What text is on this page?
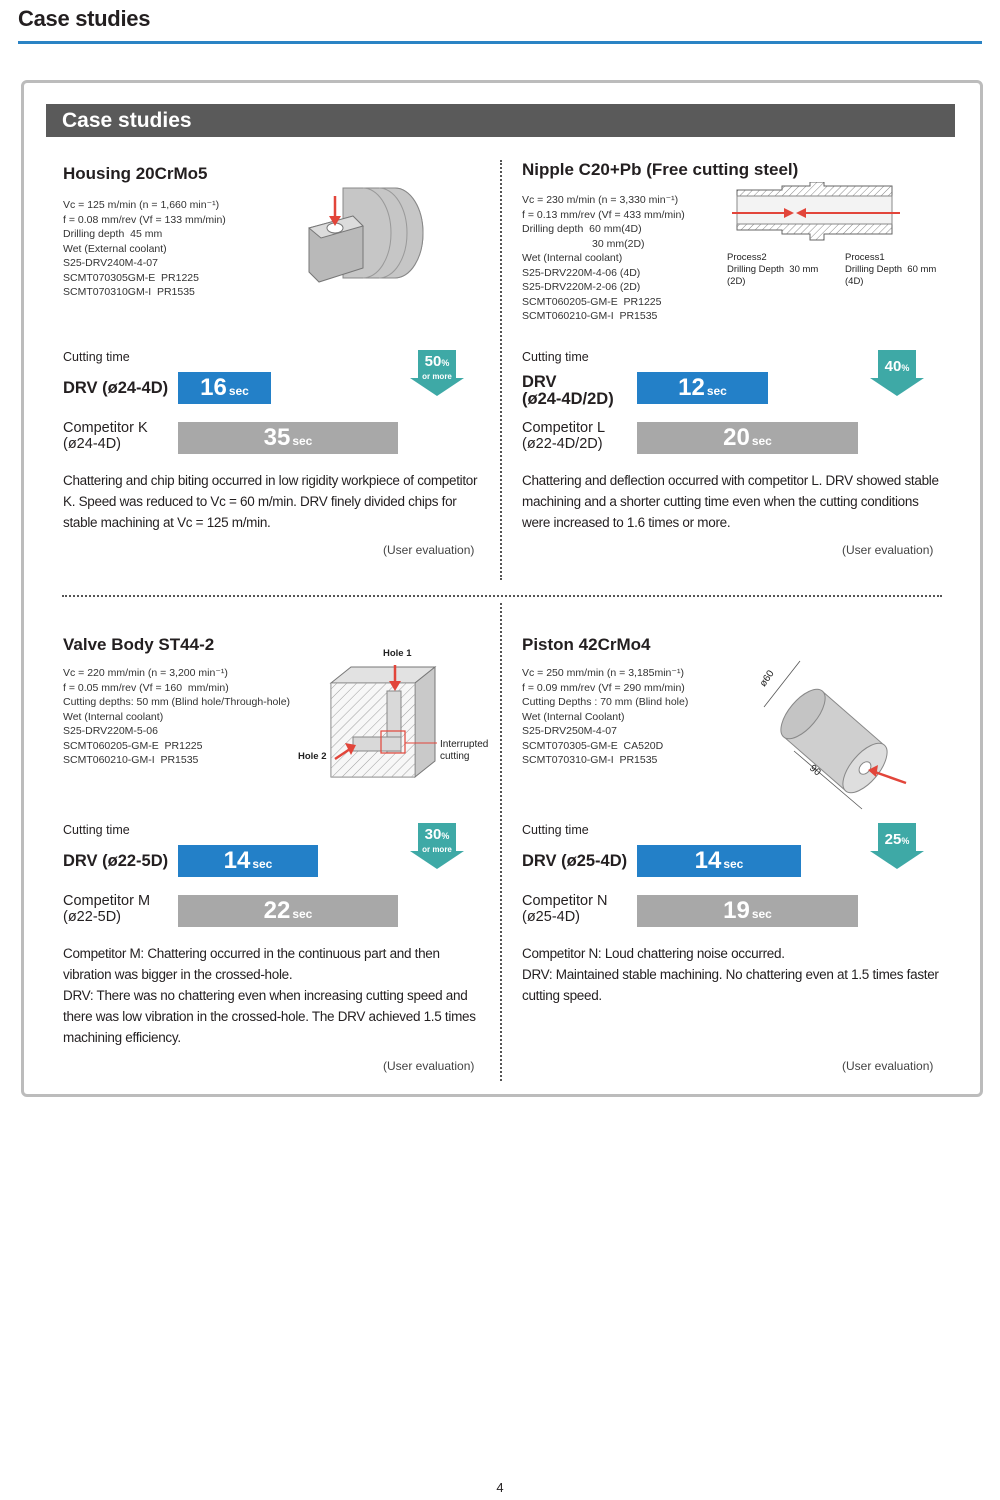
Case studies
Case studies
Housing 20CrMo5
Vc = 125 m/min (n = 1,660 min⁻¹)
f = 0.08 mm/rev (Vf = 133 mm/min)
Drilling depth  45 mm
Wet (External coolant)
S25-DRV240M-4-07
SCMT070305GM-E  PR1225
SCMT070310GM-I  PR1535
Cutting time
DRV (ø24-4D)	16 sec
Competitor K
(ø24-4D)	35 sec
50%
or more
Chattering and chip biting occurred in low rigidity workpiece of competitor K. Speed was reduced to Vc = 60 m/min. DRV finely divided chips for stable machining at Vc = 125 m/min.
(User evaluation)
Nipple C20+Pb (Free cutting steel)
Vc = 230 m/min (n = 3,330 min⁻¹)
f = 0.13 mm/rev (Vf = 433 mm/min)
Drilling depth  60 mm(4D)
30 mm(2D)
Wet (Internal coolant)
S25-DRV220M-4-06 (4D)
S25-DRV220M-2-06 (2D)
SCMT060205-GM-E  PR1225
SCMT060210-GM-I  PR1535
Process2
Drilling Depth  30 mm
(2D)
Process1
Drilling Depth  60 mm
(4D)
Cutting time
DRV
(ø24-4D/2D)	12 sec
Competitor L
(ø22-4D/2D)	20 sec
40%
Chattering and deflection occurred with competitor L. DRV showed stable machining and a shorter cutting time even when the cutting conditions were increased to 1.6 times or more.
(User evaluation)
Valve Body ST44-2
Vc = 220 mm/min (n = 3,200 min⁻¹)
f = 0.05 mm/rev (Vf = 160  mm/min)
Cutting depths: 50 mm (Blind hole/Through-hole)
Wet (Internal coolant)
S25-DRV220M-5-06
SCMT060205-GM-E  PR1225
SCMT060210-GM-I  PR1535
Hole 1
Hole 2
Interrupted
cutting
Cutting time
DRV (ø22-5D)	14 sec
Competitor M
(ø22-5D)	22 sec
30%
or more
Competitor M: Chattering occurred in the continuous part and then vibration was bigger in the crossed-hole.
DRV: There was no chattering even when increasing cutting speed and there was low vibration in the crossed-hole. The DRV achieved 1.5 times machining efficiency.
(User evaluation)
Piston 42CrMo4
Vc = 250 mm/min (n = 3,185min⁻¹)
f = 0.09 mm/rev (Vf = 290 mm/min)
Cutting Depths : 70 mm (Blind hole)
Wet (Internal Coolant)
S25-DRV250M-4-07
SCMT070305-GM-E  CA520D
SCMT070310-GM-I  PR1535
ø60
90
Cutting time
DRV (ø25-4D)	14 sec
Competitor N
(ø25-4D)	19 sec
25%
Competitor N: Loud chattering noise occurred.
DRV: Maintained stable machining. No chattering even at 1.5 times faster cutting speed.
(User evaluation)
4
